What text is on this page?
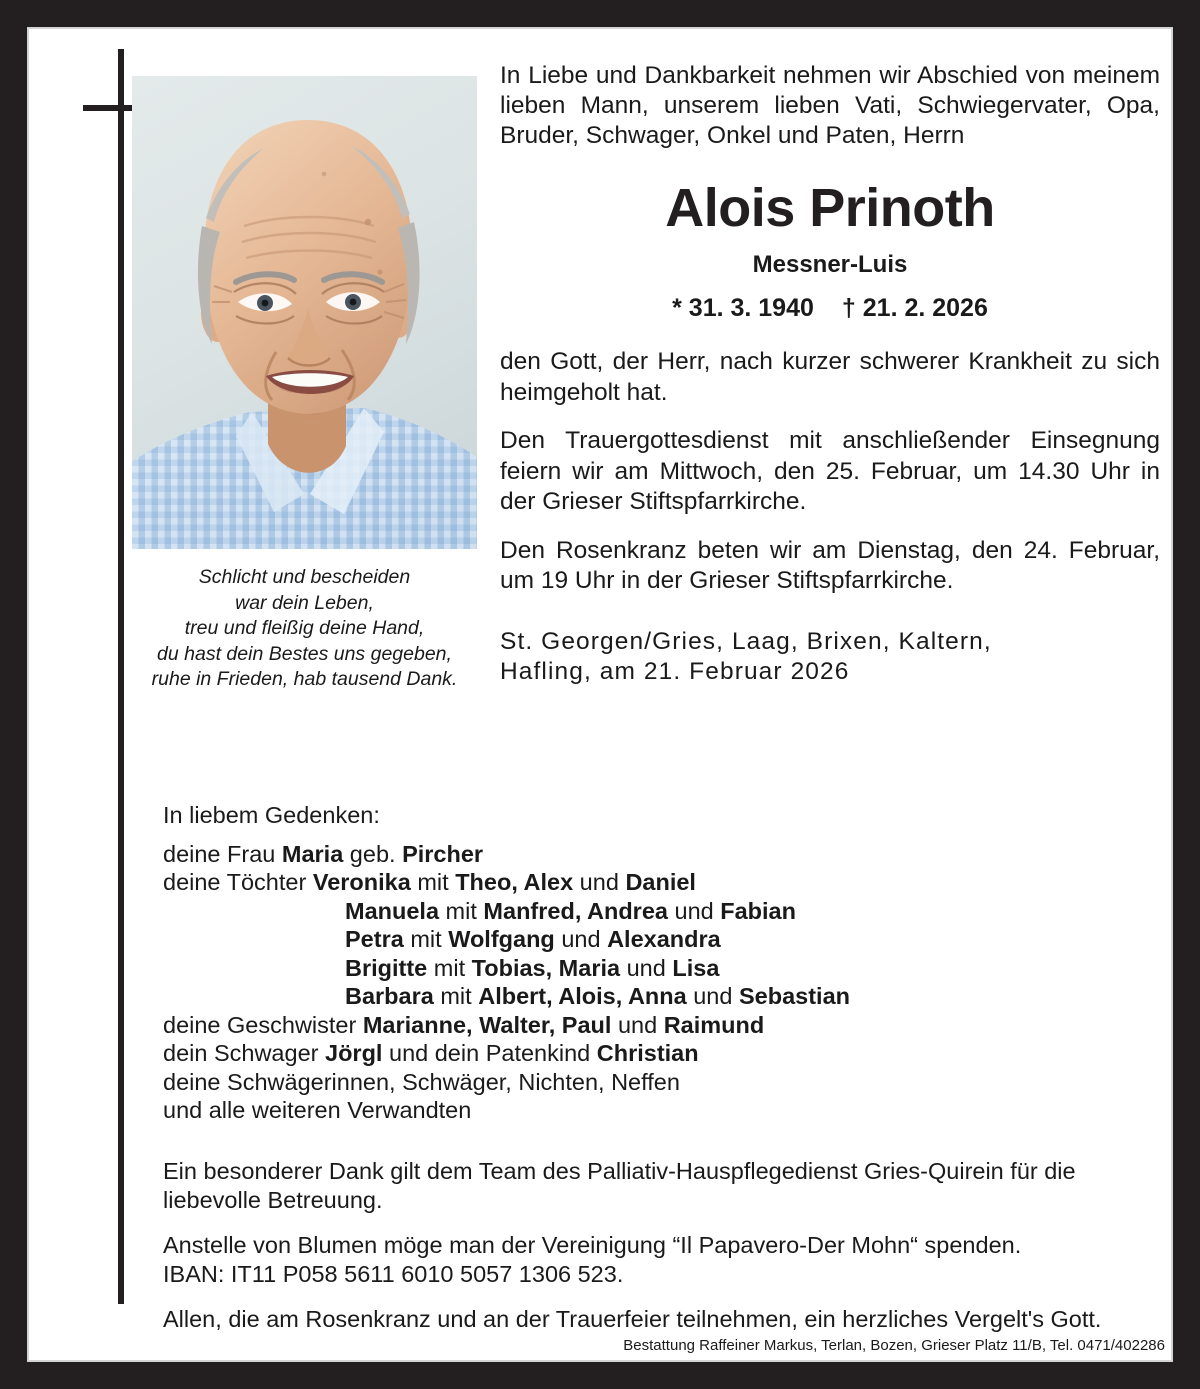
Schlicht und bescheiden
war dein Leben,
treu und fleißig deine Hand,
du hast dein Bestes uns gegeben,
ruhe in Frieden, hab tausend Dank.
In Liebe und Dankbarkeit nehmen wir Abschied von meinem lieben Mann, unserem lieben Vati, Schwiegervater, Opa, Bruder, Schwager, Onkel und Paten, Herrn
Alois Prinoth
Messner-Luis
* 31. 3. 1940 † 21. 2. 2026
den Gott, der Herr, nach kurzer schwerer Krankheit zu sich heimgeholt hat.
Den Trauergottesdienst mit anschließender Einsegnung feiern wir am Mittwoch, den 25. Februar, um 14.30 Uhr in der Grieser Stiftspfarrkirche.
Den Rosenkranz beten wir am Dienstag, den 24. Februar, um 19 Uhr in der Grieser Stiftspfarrkirche.
St. Georgen/Gries, Laag, Brixen, Kaltern,
Hafling, am 21. Februar 2026
In liebem Gedenken:
deine Frau Maria geb. Pircher
deine Töchter Veronika mit Theo, Alex und Daniel
Manuela mit Manfred, Andrea und Fabian
Petra mit Wolfgang und Alexandra
Brigitte mit Tobias, Maria und Lisa
Barbara mit Albert, Alois, Anna und Sebastian
deine Geschwister Marianne, Walter, Paul und Raimund
dein Schwager Jörgl und dein Patenkind Christian
deine Schwägerinnen, Schwäger, Nichten, Neffen
und alle weiteren Verwandten

Ein besonderer Dank gilt dem Team des Palliativ-Hauspflegedienst Gries-Quirein für die liebevolle Betreuung.

Anstelle von Blumen möge man der Vereinigung “Il Papavero-Der Mohn“ spenden.
IBAN: IT11 P058 5611 6010 5057 1306 523.

Allen, die am Rosenkranz und an der Trauerfeier teilnehmen, ein herzliches Vergelt's Gott.

Bestattung Raffeiner Markus, Terlan, Bozen, Grieser Platz 11/B, Tel. 0471/402286
